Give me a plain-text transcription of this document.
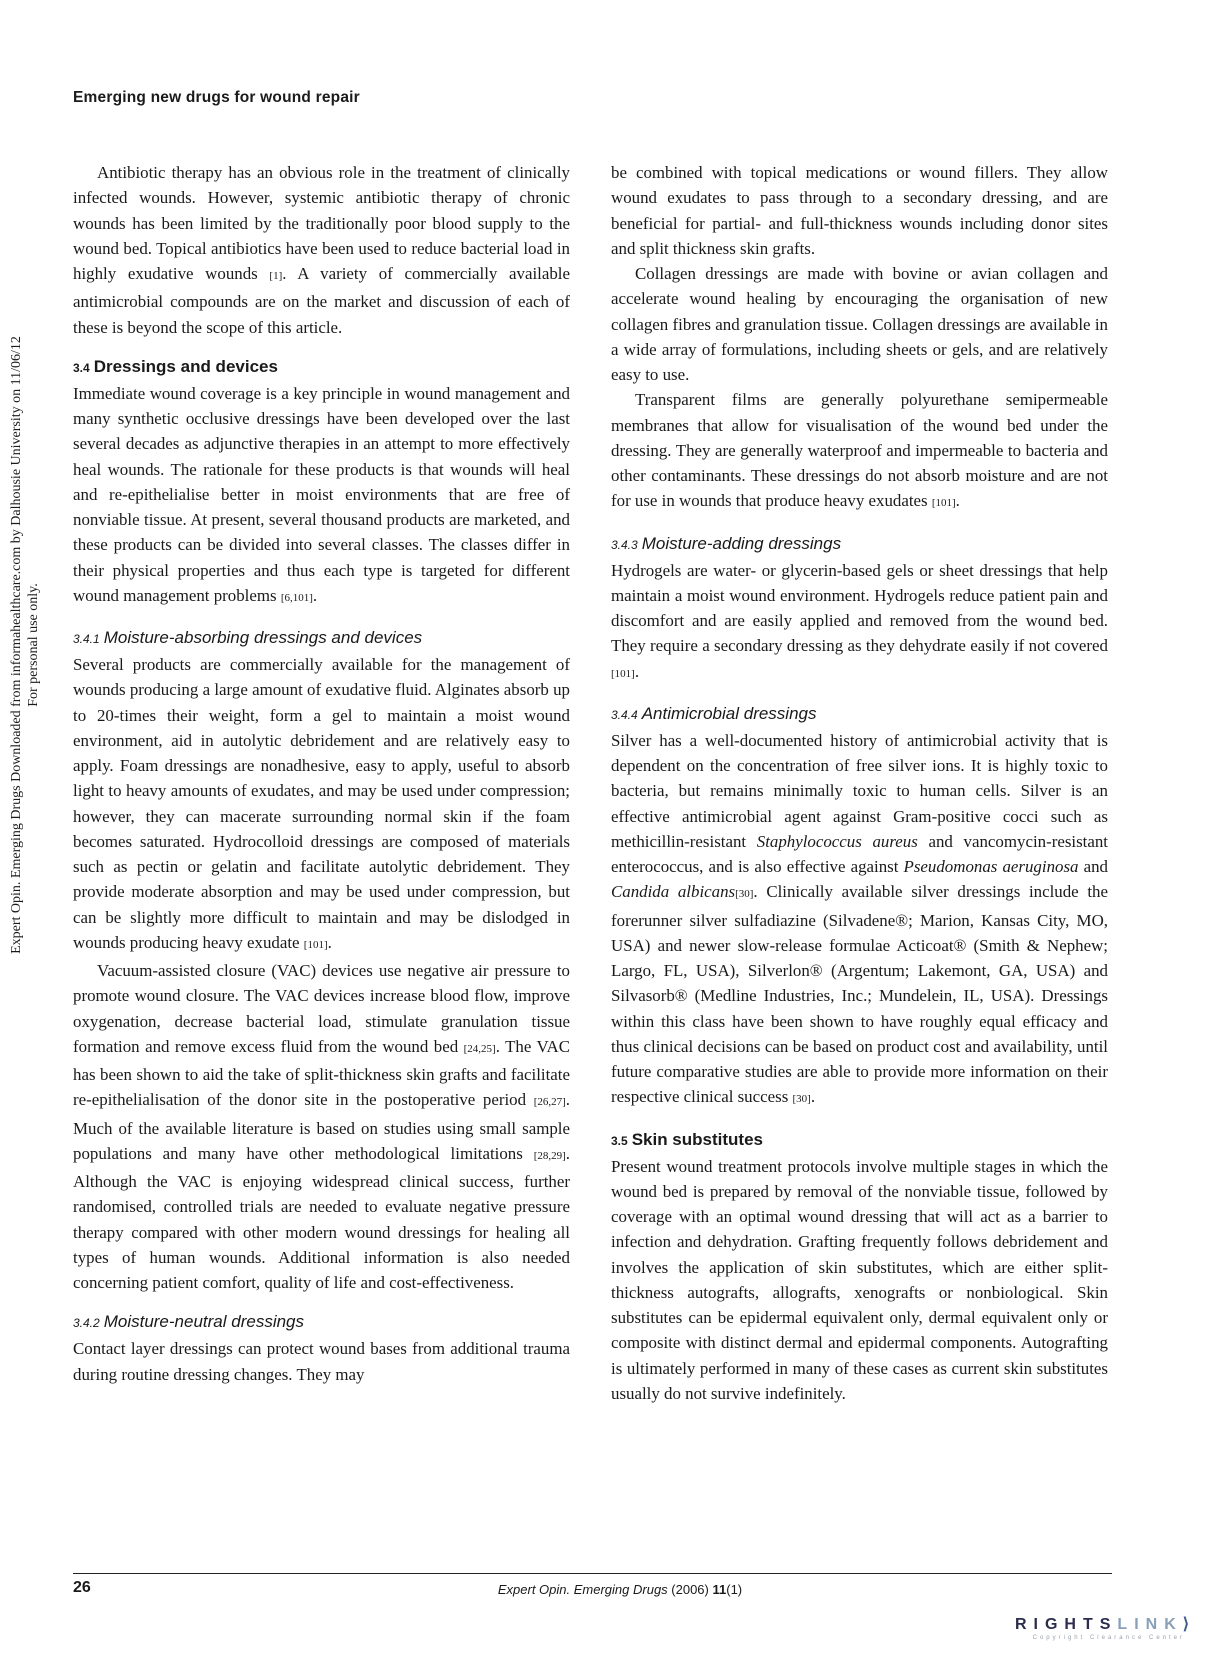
Emerging new drugs for wound repair
Expert Opin. Emerging Drugs Downloaded from informahealthcare.com by Dalhousie University on 11/06/12 For personal use only.

Antibiotic therapy has an obvious role in the treatment of clinically infected wounds. However, systemic antibiotic therapy of chronic wounds has been limited by the traditionally poor blood supply to the wound bed. Topical antibiotics have been used to reduce bacterial load in highly exudative wounds [1]. A variety of commercially available antimicrobial compounds are on the market and discussion of each of these is beyond the scope of this article.

3.4 Dressings and devices

Immediate wound coverage is a key principle in wound management and many synthetic occlusive dressings have been developed over the last several decades as adjunctive therapies in an attempt to more effectively heal wounds. The rationale for these products is that wounds will heal and re-epithelialise better in moist environments that are free of nonviable tissue. At present, several thousand products are marketed, and these products can be divided into several classes. The classes differ in their physical properties and thus each type is targeted for different wound management problems [6,101].

3.4.1 Moisture-absorbing dressings and devices

Several products are commercially available for the management of wounds producing a large amount of exudative fluid. Alginates absorb up to 20-times their weight, form a gel to maintain a moist wound environment, aid in autolytic debridement and are relatively easy to apply. Foam dressings are nonadhesive, easy to apply, useful to absorb light to heavy amounts of exudates, and may be used under compression; however, they can macerate surrounding normal skin if the foam becomes saturated. Hydrocolloid dressings are composed of materials such as pectin or gelatin and facilitate autolytic debridement. They provide moderate absorption and may be used under compression, but can be slightly more difficult to maintain and may be dislodged in wounds producing heavy exudate [101].

Vacuum-assisted closure (VAC) devices use negative air pressure to promote wound closure. The VAC devices increase blood flow, improve oxygenation, decrease bacterial load, stimulate granulation tissue formation and remove excess fluid from the wound bed [24,25]. The VAC has been shown to aid the take of split-thickness skin grafts and facilitate re-epithelialisation of the donor site in the postoperative period [26,27]. Much of the available literature is based on studies using small sample populations and many have other methodological limitations [28,29]. Although the VAC is enjoying widespread clinical success, further randomised, controlled trials are needed to evaluate negative pressure therapy compared with other modern wound dressings for healing all types of human wounds. Additional information is also needed concerning patient comfort, quality of life and cost-effectiveness.

3.4.2 Moisture-neutral dressings

Contact layer dressings can protect wound bases from additional trauma during routine dressing changes. They may

be combined with topical medications or wound fillers. They allow wound exudates to pass through to a secondary dressing, and are beneficial for partial- and full-thickness wounds including donor sites and split thickness skin grafts.

Collagen dressings are made with bovine or avian collagen and accelerate wound healing by encouraging the organisation of new collagen fibres and granulation tissue. Collagen dressings are available in a wide array of formulations, including sheets or gels, and are relatively easy to use.

Transparent films are generally polyurethane semipermeable membranes that allow for visualisation of the wound bed under the dressing. They are generally waterproof and impermeable to bacteria and other contaminants. These dressings do not absorb moisture and are not for use in wounds that produce heavy exudates [101].

3.4.3 Moisture-adding dressings

Hydrogels are water- or glycerin-based gels or sheet dressings that help maintain a moist wound environment. Hydrogels reduce patient pain and discomfort and are easily applied and removed from the wound bed. They require a secondary dressing as they dehydrate easily if not covered [101].

3.4.4 Antimicrobial dressings

Silver has a well-documented history of antimicrobial activity that is dependent on the concentration of free silver ions. It is highly toxic to bacteria, but remains minimally toxic to human cells. Silver is an effective antimicrobial agent against Gram-positive cocci such as methicillin-resistant Staphylococcus aureus and vancomycin-resistant enterococcus, and is also effective against Pseudomonas aeruginosa and Candida albicans[30]. Clinically available silver dressings include the forerunner silver sulfadiazine (Silvadene®; Marion, Kansas City, MO, USA) and newer slow-release formulae Acticoat® (Smith & Nephew; Largo, FL, USA), Silverlon® (Argentum; Lakemont, GA, USA) and Silvasorb® (Medline Industries, Inc.; Mundelein, IL, USA). Dressings within this class have been shown to have roughly equal efficacy and thus clinical decisions can be based on product cost and availability, until future comparative studies are able to provide more information on their respective clinical success [30].

3.5 Skin substitutes

Present wound treatment protocols involve multiple stages in which the wound bed is prepared by removal of the nonviable tissue, followed by coverage with an optimal wound dressing that will act as a barrier to infection and dehydration. Grafting frequently follows debridement and involves the application of skin substitutes, which are either split-thickness autografts, allografts, xenografts or nonbiological. Skin substitutes can be epidermal equivalent only, dermal equivalent only or composite with distinct dermal and epidermal components. Autografting is ultimately performed in many of these cases as current skin substitutes usually do not survive indefinitely.

26	Expert Opin. Emerging Drugs (2006) 11(1)
RIGHTSLINK⟩
Copyright Clearance Center
